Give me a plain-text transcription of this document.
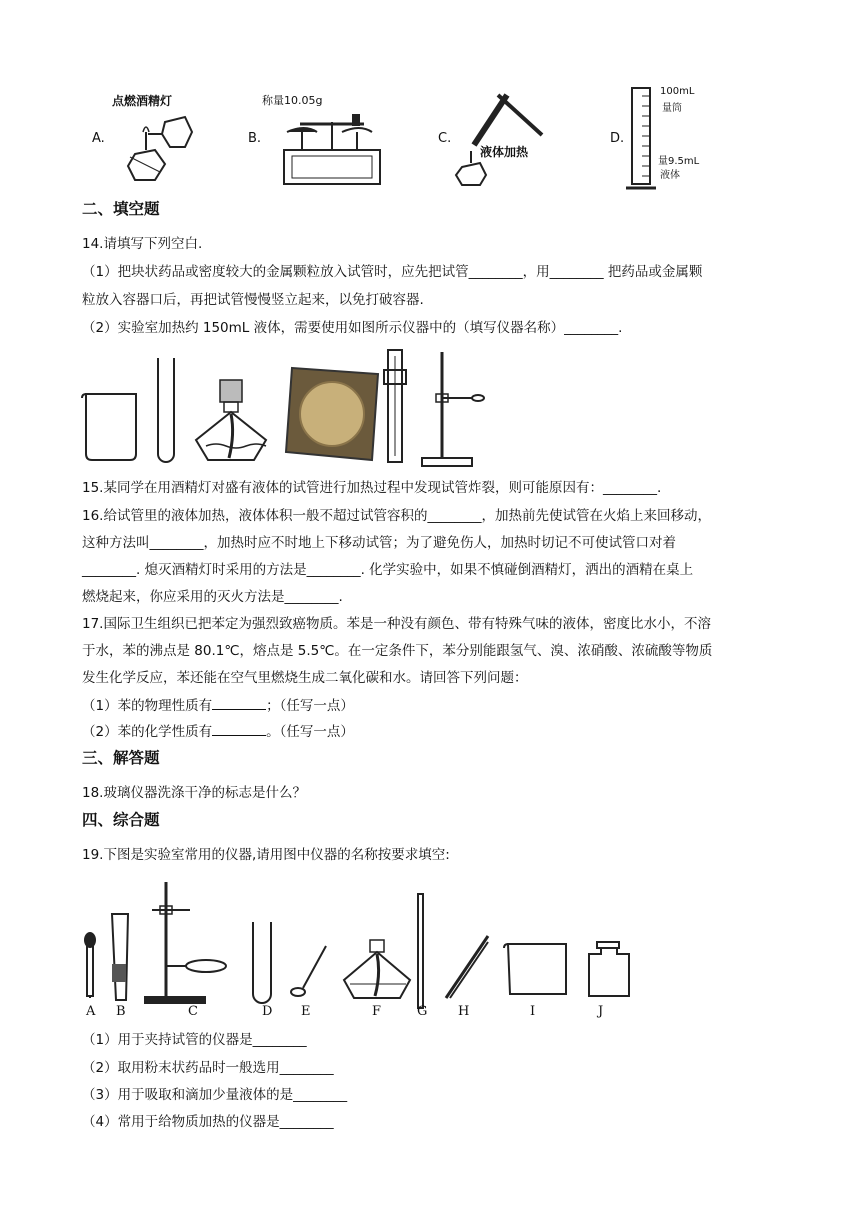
A.
点燃酒精灯
B.
称量10.05g
C.
液体加热
D.
100mL
量筒
量9.5mL
液体
二、填空题
14.请填写下列空白.
（1）把块状药品或密度较大的金属颗粒放入试管时，应先把试管________，用________ 把药品或金属颗
粒放入容器口后，再把试管慢慢竖立起来，以免打破容器.
（2）实验室加热约 150mL 液体，需要使用如图所示仪器中的（填写仪器名称）________.
15.某同学在用酒精灯对盛有液体的试管进行加热过程中发现试管炸裂，则可能原因有：________.
16.给试管里的液体加热，液体体积一般不超过试管容积的________，加热前先使试管在火焰上来回移动，
这种方法叫________，加热时应不时地上下移动试管；为了避免伤人，加热时切记不可使试管口对着
________. 熄灭酒精灯时采用的方法是________. 化学实验中，如果不慎碰倒酒精灯，洒出的酒精在桌上
燃烧起来，你应采用的灭火方法是________.
17.国际卫生组织已把苯定为强烈致癌物质。苯是一种没有颜色、带有特殊气味的液体，密度比水小，不溶
于水，苯的沸点是 80.1℃，熔点是 5.5℃。在一定条件下，苯分别能跟氢气、溴、浓硝酸、浓硫酸等物质
发生化学反应，苯还能在空气里燃烧生成二氧化碳和水。请回答下列问题：
（1）苯的物理性质有	；（任写一点）
（2）苯的化学性质有	。（任写一点）
三、解答题
18.玻璃仪器洗涤干净的标志是什么？
四、综合题
19.下图是实验室常用的仪器,请用图中仪器的名称按要求填空:
A B	C	D E	F	G H	I	J
（1）用于夹持试管的仪器是________
（2）取用粉末状药品时一般选用________
（3）用于吸取和滴加少量液体的是________
（4）常用于给物质加热的仪器是________
